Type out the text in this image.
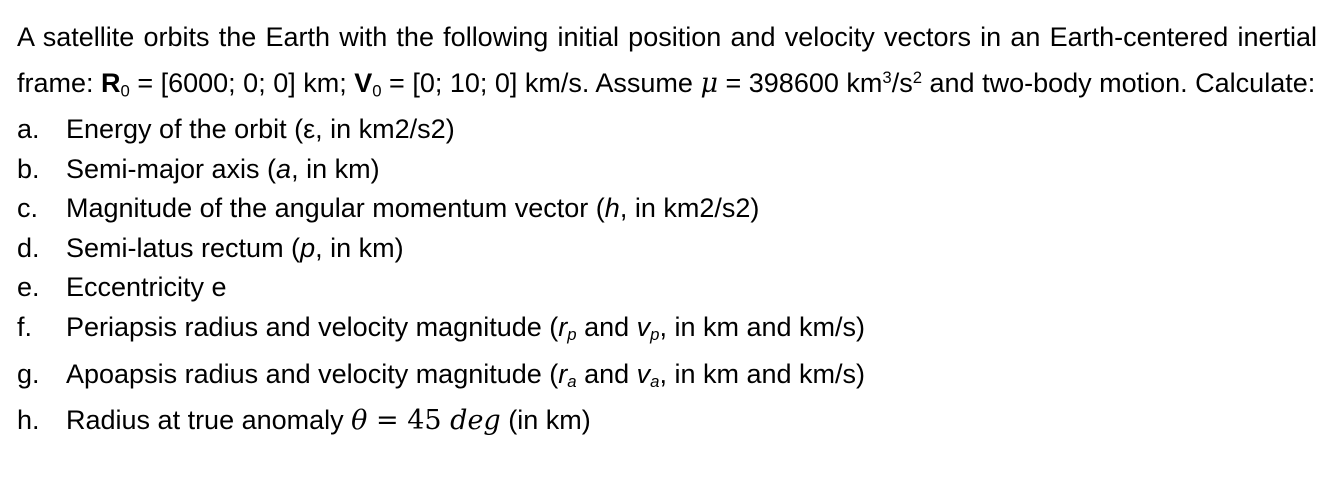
A satellite orbits the Earth with the following initial position and velocity vectors in an Earth-centered inertial frame: $R_0 = [6000$; 0; 0] km; $V_0 = [0$; 10; 0] km/s. Assume μ = 398600 $km^3/s^2$ and two-body motion. Calculate:

a. Energy of the orbit (ε, in km2/s2)
b. Semi-major axis (a, in km)
c.	Magnitude of the angular momentum vector (h, in km2/s2)
d. Semi-latus rectum (p, in km)
e. Eccentricity e
f.	Periapsis radius and velocity magnitude ($r_p$ and $v_p$, in km and km/s)
g. Apoapsis radius and velocity magnitude ($r_a$ and $v_a$, in km and km/s)
h. Radius at true anomaly θ = 45 deg (in km)
